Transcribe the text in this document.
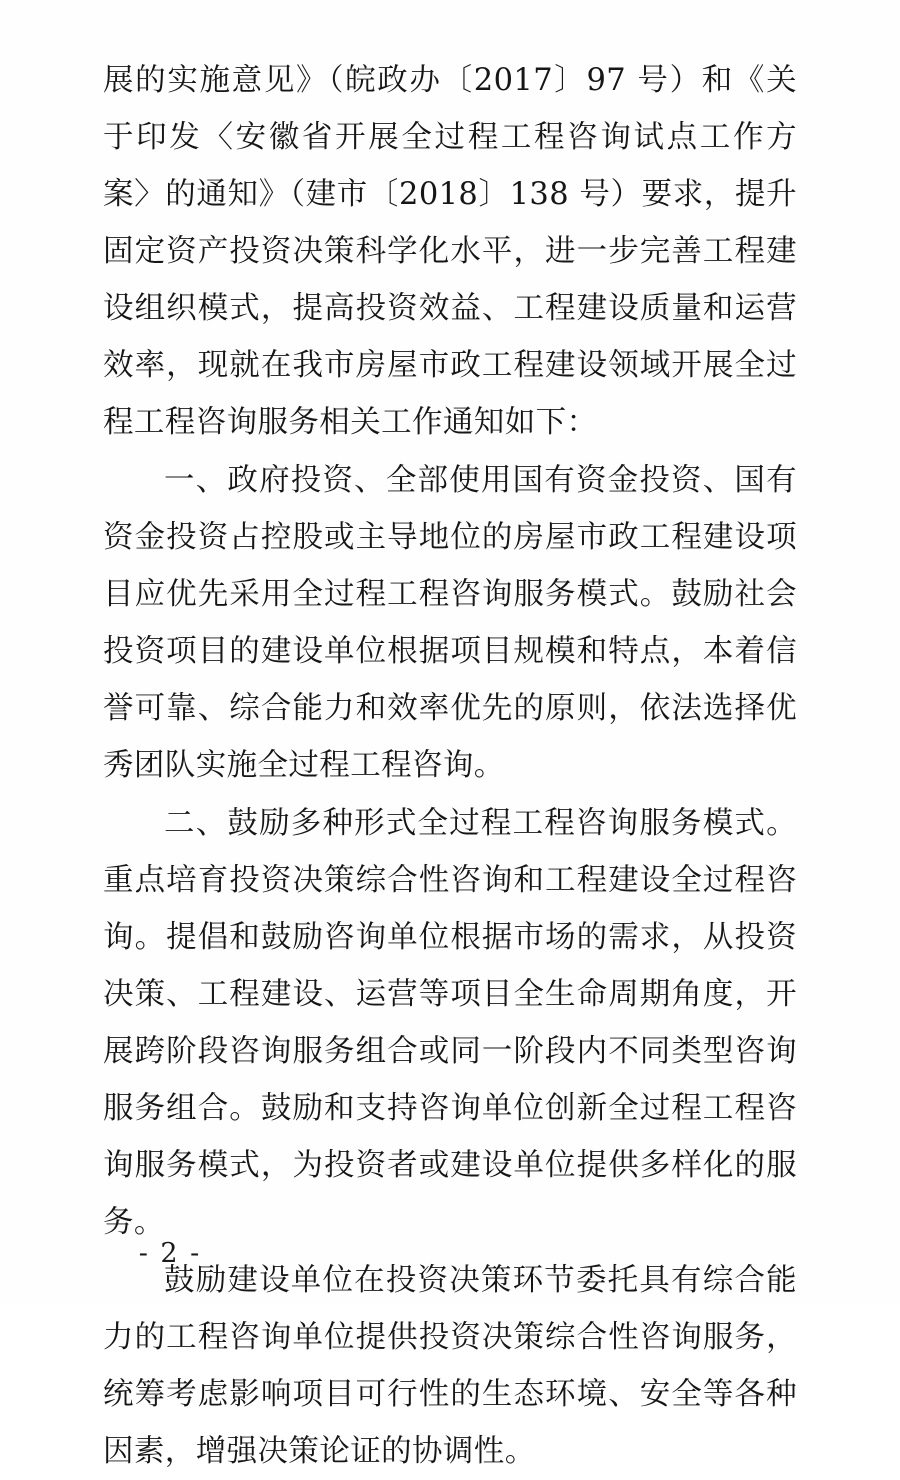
展的实施意见》（皖政办〔2017〕97 号）和《关于印发〈安徽省开展全过程工程咨询试点工作方案〉的通知》（建市〔2018〕138 号）要求，提升固定资产投资决策科学化水平，进一步完善工程建设组织模式，提高投资效益、工程建设质量和运营效率，现就在我市房屋市政工程建设领域开展全过程工程咨询服务相关工作通知如下：

一、政府投资、全部使用国有资金投资、国有资金投资占控股或主导地位的房屋市政工程建设项目应优先采用全过程工程咨询服务模式。鼓励社会投资项目的建设单位根据项目规模和特点，本着信誉可靠、综合能力和效率优先的原则，依法选择优秀团队实施全过程工程咨询。

二、鼓励多种形式全过程工程咨询服务模式。重点培育投资决策综合性咨询和工程建设全过程咨询。提倡和鼓励咨询单位根据市场的需求，从投资决策、工程建设、运营等项目全生命周期角度，开展跨阶段咨询服务组合或同一阶段内不同类型咨询服务组合。鼓励和支持咨询单位创新全过程工程咨询服务模式，为投资者或建设单位提供多样化的服务。

鼓励建设单位在投资决策环节委托具有综合能力的工程咨询单位提供投资决策综合性咨询服务，统筹考虑影响项目可行性的生态环境、安全等各种因素，增强决策论证的协调性。

- 2 -
